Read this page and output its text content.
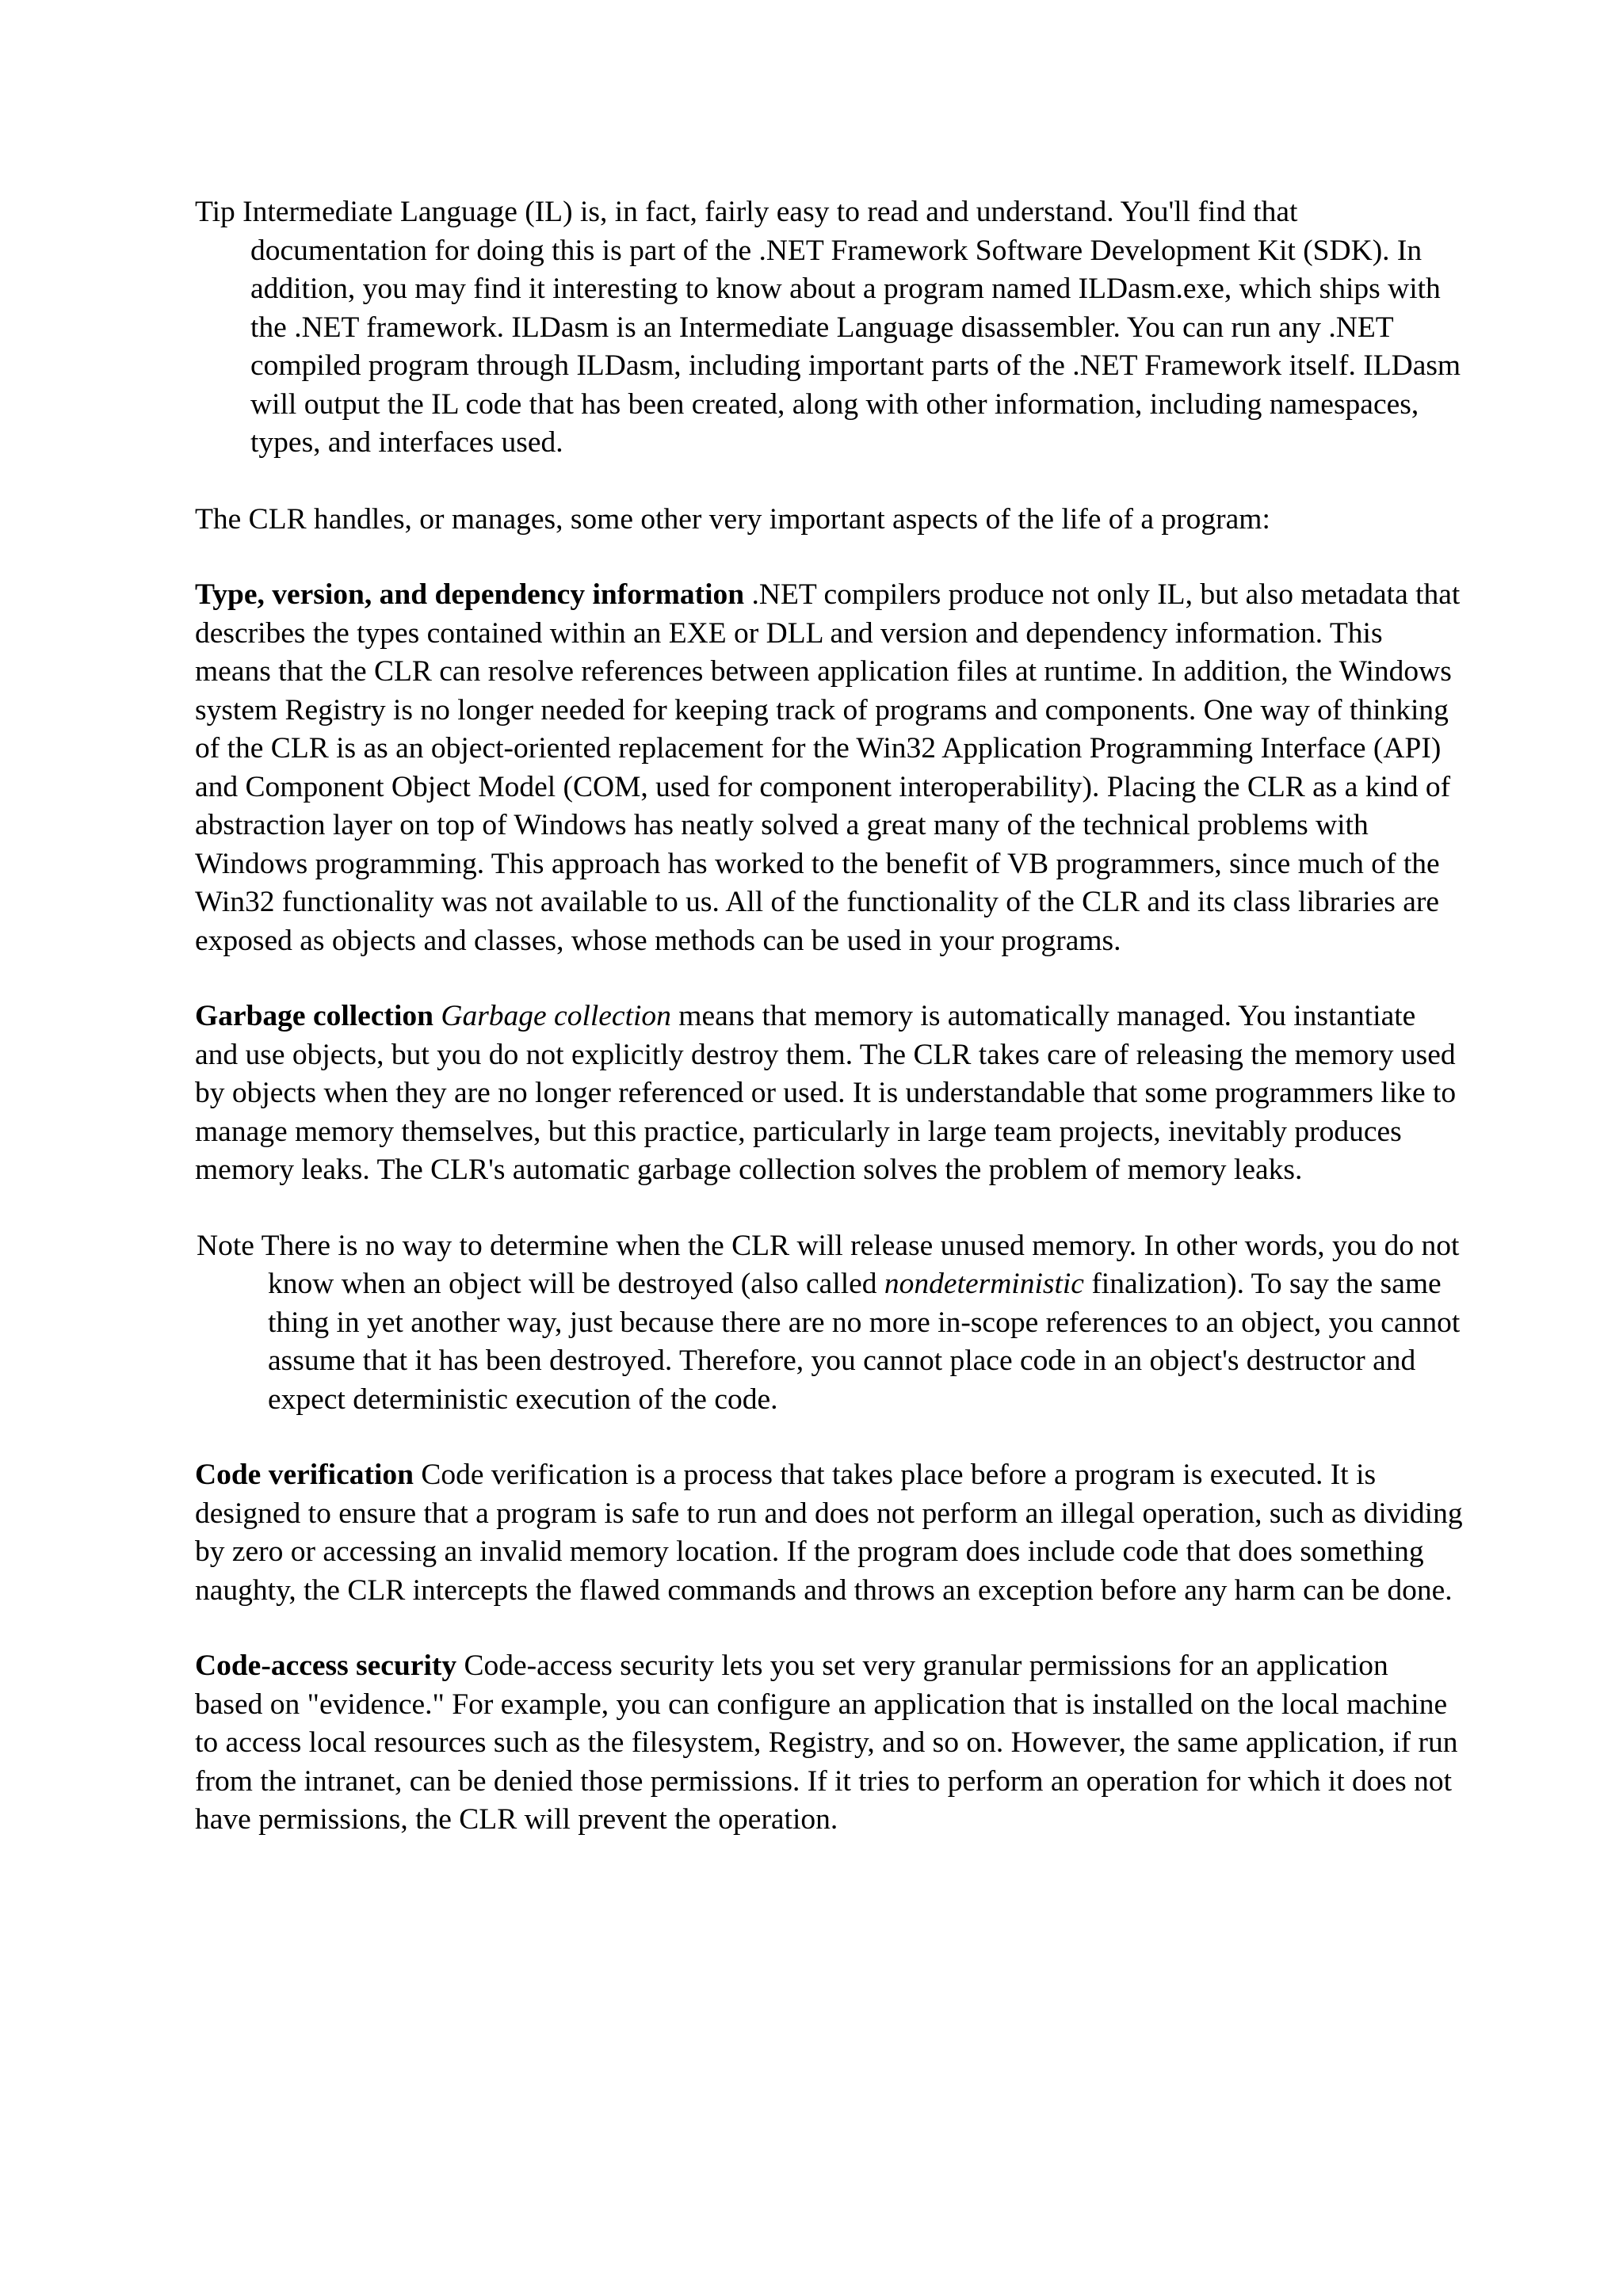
Tip Intermediate Language (IL) is, in fact, fairly easy to read and understand. You'll find that documentation for doing this is part of the .NET Framework Software Development Kit (SDK). In addition, you may find it interesting to know about a program named ILDasm.exe, which ships with the .NET framework. ILDasm is an Intermediate Language disassembler. You can run any .NET compiled program through ILDasm, including important parts of the .NET Framework itself. ILDasm will output the IL code that has been created, along with other information, including namespaces, types, and interfaces used.

The CLR handles, or manages, some other very important aspects of the life of a program:

Type, version, and dependency information .NET compilers produce not only IL, but also metadata that describes the types contained within an EXE or DLL and version and dependency information. This means that the CLR can resolve references between application files at runtime. In addition, the Windows system Registry is no longer needed for keeping track of programs and components. One way of thinking of the CLR is as an object-oriented replacement for the Win32 Application Programming Interface (API) and Component Object Model (COM, used for component interoperability). Placing the CLR as a kind of abstraction layer on top of Windows has neatly solved a great many of the technical problems with Windows programming. This approach has worked to the benefit of VB programmers, since much of the Win32 functionality was not available to us. All of the functionality of the CLR and its class libraries are exposed as objects and classes, whose methods can be used in your programs.

Garbage collection Garbage collection means that memory is automatically managed. You instantiate and use objects, but you do not explicitly destroy them. The CLR takes care of releasing the memory used by objects when they are no longer referenced or used. It is understandable that some programmers like to manage memory themselves, but this practice, particularly in large team projects, inevitably produces memory leaks. The CLR's automatic garbage collection solves the problem of memory leaks.

Note There is no way to determine when the CLR will release unused memory. In other words, you do not know when an object will be destroyed (also called nondeterministic finalization). To say the same thing in yet another way, just because there are no more in-scope references to an object, you cannot assume that it has been destroyed. Therefore, you cannot place code in an object's destructor and expect deterministic execution of the code.

Code verification Code verification is a process that takes place before a program is executed. It is designed to ensure that a program is safe to run and does not perform an illegal operation, such as dividing by zero or accessing an invalid memory location. If the program does include code that does something naughty, the CLR intercepts the flawed commands and throws an exception before any harm can be done.

Code-access security Code-access security lets you set very granular permissions for an application based on "evidence." For example, you can configure an application that is installed on the local machine to access local resources such as the filesystem, Registry, and so on. However, the same application, if run from the intranet, can be denied those permissions. If it tries to perform an operation for which it does not have permissions, the CLR will prevent the operation.
